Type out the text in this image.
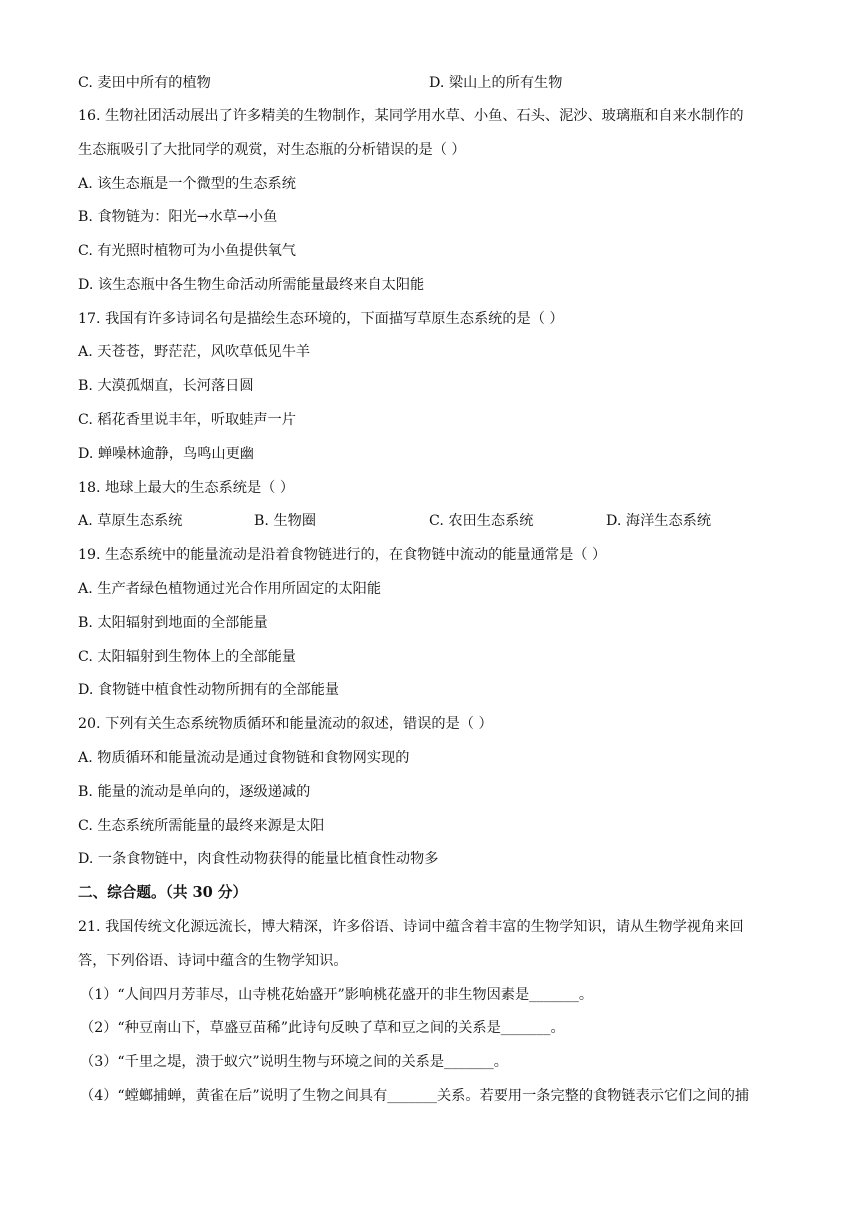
C. 麦田中所有的植物	D. 梁山上的所有生物
16. 生物社团活动展出了许多精美的生物制作，某同学用水草、小鱼、石头、泥沙、玻璃瓶和自来水制作的
生态瓶吸引了大批同学的观赏，对生态瓶的分析错误的是（ ）
A. 该生态瓶是一个微型的生态系统
B. 食物链为：阳光→水草→小鱼
C. 有光照时植物可为小鱼提供氧气
D. 该生态瓶中各生物生命活动所需能量最终来自太阳能
17. 我国有许多诗词名句是描绘生态环境的，下面描写草原生态系统的是（ ）
A. 天苍苍，野茫茫，风吹草低见牛羊
B. 大漠孤烟直，长河落日圆
C. 稻花香里说丰年，听取蛙声一片
D. 蝉噪林逾静，鸟鸣山更幽
18. 地球上最大的生态系统是（ ）
A. 草原生态系统	B. 生物圈	C. 农田生态系统	D. 海洋生态系统
19. 生态系统中的能量流动是沿着食物链进行的，在食物链中流动的能量通常是（ ）
A. 生产者绿色植物通过光合作用所固定的太阳能
B. 太阳辐射到地面的全部能量
C. 太阳辐射到生物体上的全部能量
D. 食物链中植食性动物所拥有的全部能量
20. 下列有关生态系统物质循环和能量流动的叙述，错误的是（ ）
A. 物质循环和能量流动是通过食物链和食物网实现的
B. 能量的流动是单向的，逐级递减的
C. 生态系统所需能量的最终来源是太阳
D. 一条食物链中，肉食性动物获得的能量比植食性动物多
二、综合题。（共 30 分）
21. 我国传统文化源远流长，博大精深，许多俗语、诗词中蕴含着丰富的生物学知识，请从生物学视角来回
答，下列俗语、诗词中蕴含的生物学知识。
（1）“人间四月芳菲尽，山寺桃花始盛开”影响桃花盛开的非生物因素是_______。
（2）“种豆南山下，草盛豆苗稀”此诗句反映了草和豆之间的关系是_______。
（3）“千里之堤，溃于蚁穴”说明生物与环境之间的关系是_______。
（4）“螳螂捕蝉，黄雀在后”说明了生物之间具有_______关系。若要用一条完整的食物链表示它们之间的捕
